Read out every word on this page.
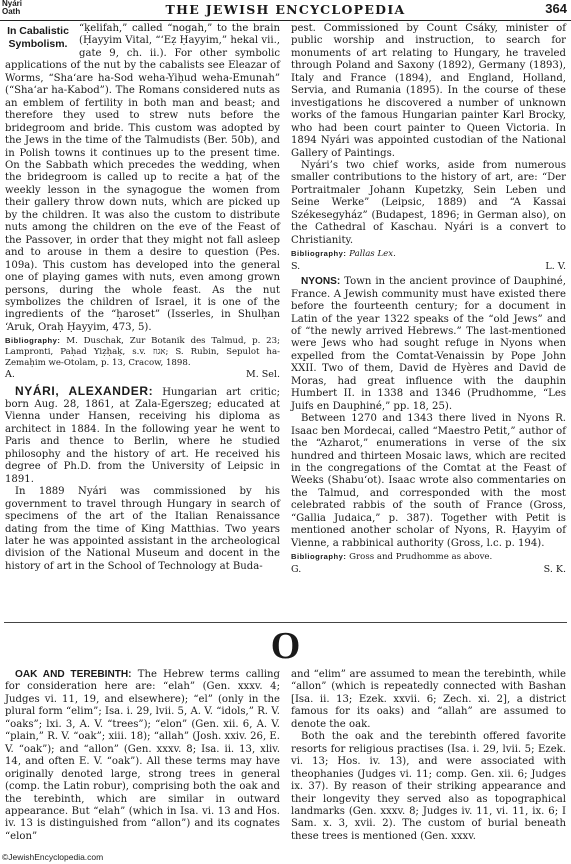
Nyári
Oath	THE JEWISH ENCYCLOPEDIA	364

In Cabalistic Symbolism.
“ḳelifah,” called “nogah,” to the brain (Ḥayyim Vital, “‘Eẓ Ḥayyim,” hekal vii., gate 9, ch. ii.). For other symbolic applications of the nut by the cabalists see Eleazar of Worms, “Sha‘are ha-Sod weha-Yiḥud weha-Emunah” (“Sha‘ar ha-Kabod”). The Romans considered nuts as an emblem of fertility in both man and beast; and therefore they used to strew nuts before the bridegroom and bride. This custom was adopted by the Jews in the time of the Talmudists (Ber. 50b), and in Polish towns it continues up to the present time. On the Sabbath which precedes the wedding, when the bridegroom is called up to recite a ḥaṭ of the weekly lesson in the synagogue the women from their gallery throw down nuts, which are picked up by the children. It was also the custom to distribute nuts among the children on the eve of the Feast of the Passover, in order that they might not fall asleep and to arouse in them a desire to question (Pes. 109a). This custom has developed into the general one of playing games with nuts, even among grown persons, during the whole feast. As the nut symbolizes the children of Israel, it is one of the ingredients of the “ḥaroset” (Isserles, in Shulḥan ‘Aruk, Oraḥ Ḥayyim, 473, 5).

Bibliography: M. Duschak, Zur Botanik des Talmud, p. 23; Lampronti, Paḥad Yiẓḥaḳ, s.v. אגוז; S. Rubin, Sepulot ha-Zemaḥim we-Otolam, p. 13, Cracow, 1898.
A.	M. Sel.

NYÁRI, ALEXANDER: Hungarian art critic; born Aug. 28, 1861, at Zala-Egerszeg; educated at Vienna under Hansen, receiving his diploma as architect in 1884. In the following year he went to Paris and thence to Berlin, where he studied philosophy and the history of art. He received his degree of Ph.D. from the University of Leipsic in 1891.

In 1889 Nyári was commissioned by his government to travel through Hungary in search of specimens of the art of the Italian Renaissance dating from the time of King Matthias. Two years later he was appointed assistant in the archeological division of the National Museum and docent in the history of art in the School of Technology at Buda-

pest. Commissioned by Count Csáky, minister of public worship and instruction, to search for monuments of art relating to Hungary, he traveled through Poland and Saxony (1892), Germany (1893), Italy and France (1894), and England, Holland, Servia, and Rumania (1895). In the course of these investigations he discovered a number of unknown works of the famous Hungarian painter Karl Brocky, who had been court painter to Queen Victoria. In 1894 Nyári was appointed custodian of the National Gallery of Paintings.

Nyári’s two chief works, aside from numerous smaller contributions to the history of art, are: “Der Portraitmaler Johann Kupetzky, Sein Leben und Seine Werke” (Leipsic, 1889) and “A Kassai Székesegyház” (Budapest, 1896; in German also), on the Cathedral of Kaschau. Nyári is a convert to Christianity.

Bibliography: Pallas Lex.
S.	L. V.

NYONS: Town in the ancient province of Dauphiné, France. A Jewish community must have existed there before the fourteenth century; for a document in Latin of the year 1322 speaks of the “old Jews” and of “the newly arrived Hebrews.” The last-mentioned were Jews who had sought refuge in Nyons when expelled from the Comtat-Venaissin by Pope John XXII. Two of them, David de Hyères and David de Moras, had great influence with the dauphin Humbert II. in 1338 and 1346 (Prudhomme, “Les Juifs en Dauphiné,” pp. 18, 25).

Between 1270 and 1343 there lived in Nyons R. Isaac ben Mordecai, called “Maestro Petit,” author of the “Azharot,” enumerations in verse of the six hundred and thirteen Mosaic laws, which are recited in the congregations of the Comtat at the Feast of Weeks (Shabu‘ot). Isaac wrote also commentaries on the Talmud, and corresponded with the most celebrated rabbis of the south of France (Gross, “Gallia Judaica,” p. 387). Together with Petit is mentioned another scholar of Nyons, R. Ḥayyim of Vienne, a rabbinical authority (Gross, l.c. p. 194).

Bibliography: Gross and Prudhomme as above.
G.	S. K.
O

OAK AND TEREBINTH: The Hebrew terms calling for consideration here are: “elah” (Gen. xxxv. 4; Judges vi. 11, 19, and elsewhere); “el” (only in the plural form “elim”; Isa. i. 29, lvii. 5, A. V. “idols,” R. V. “oaks”; lxi. 3, A. V. “trees”); “elon” (Gen. xii. 6, A. V. “plain,” R. V. “oak”; xiii. 18); “allah” (Josh. xxiv. 26, E. V. “oak”); and “allon” (Gen. xxxv. 8; Isa. ii. 13, xliv. 14, and often E. V. “oak”). All these terms may have originally denoted large, strong trees in general (comp. the Latin robur), comprising both the oak and the terebinth, which are similar in outward appearance. But “elah” (which in Isa. vi. 13 and Hos. iv. 13 is distinguished from “allon”) and its cognates “elon”

and “elim” are assumed to mean the terebinth, while “allon” (which is repeatedly connected with Bashan [Isa. ii. 13; Ezek. xxvii. 6; Zech. xi. 2], a district famous for its oaks) and “allah” are assumed to denote the oak.

Both the oak and the terebinth offered favorite resorts for religious practises (Isa. i. 29, lvii. 5; Ezek. vi. 13; Hos. iv. 13), and were associated with theophanies (Judges vi. 11; comp. Gen. xii. 6; Judges ix. 37). By reason of their striking appearance and their longevity they served also as topographical landmarks (Gen. xxxv. 8; Judges iv. 11, vi. 11, ix. 6; I Sam. x. 3, xvii. 2). The custom of burial beneath these trees is mentioned (Gen. xxxv.

©JewishEncyclopedia.com
